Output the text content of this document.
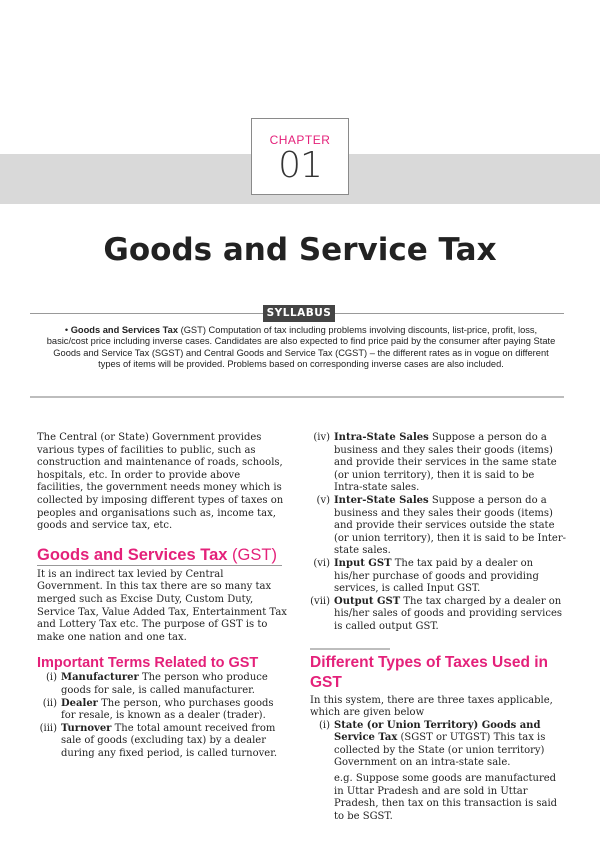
CHAPTER
01
Goods and Service Tax
SYLLABUS
• Goods and Services Tax (GST) Computation of tax including problems involving discounts, list-price, profit, loss, basic/cost price including inverse cases. Candidates are also expected to find price paid by the consumer after paying State Goods and Service Tax (SGST) and Central Goods and Service Tax (CGST) – the different rates as in vogue on different types of items will be provided. Problems based on corresponding inverse cases are also included.

The Central (or State) Government provides various types of facilities to public, such as construction and maintenance of roads, schools, hospitals, etc. In order to provide above facilities, the government needs money which is collected by imposing different types of taxes on peoples and organisations such as, income tax, goods and service tax, etc.

Goods and Services Tax (GST)

It is an indirect tax levied by Central Government. In this tax there are so many tax merged such as Excise Duty, Custom Duty, Service Tax, Value Added Tax, Entertainment Tax and Lottery Tax etc. The purpose of GST is to make one nation and one tax.

Important Terms Related to GST
(i) Manufacturer The person who produce goods for sale, is called manufacturer.
(ii) Dealer The person, who purchases goods for resale, is known as a dealer (trader).
(iii) Turnover The total amount received from sale of goods (excluding tax) by a dealer during any fixed period, is called turnover.
(iv) Intra-State Sales Suppose a person do a business and they sales their goods (items) and provide their services in the same state (or union territory), then it is said to be Intra-state sales.
(v) Inter-State Sales Suppose a person do a business and they sales their goods (items) and provide their services outside the state (or union territory), then it is said to be Inter-state sales.
(vi) Input GST The tax paid by a dealer on his/her purchase of goods and providing services, is called Input GST.
(vii) Output GST The tax charged by a dealer on his/her sales of goods and providing services is called output GST.
Different Types of Taxes Used in GST

In this system, there are three taxes applicable, which are given below

(i) State (or Union Territory) Goods and Service Tax (SGST or UTGST) This tax is collected by the State (or union territory) Government on an intra-state sale.

e.g. Suppose some goods are manufactured in Uttar Pradesh and are sold in Uttar Pradesh, then tax on this transaction is said to be SGST.
